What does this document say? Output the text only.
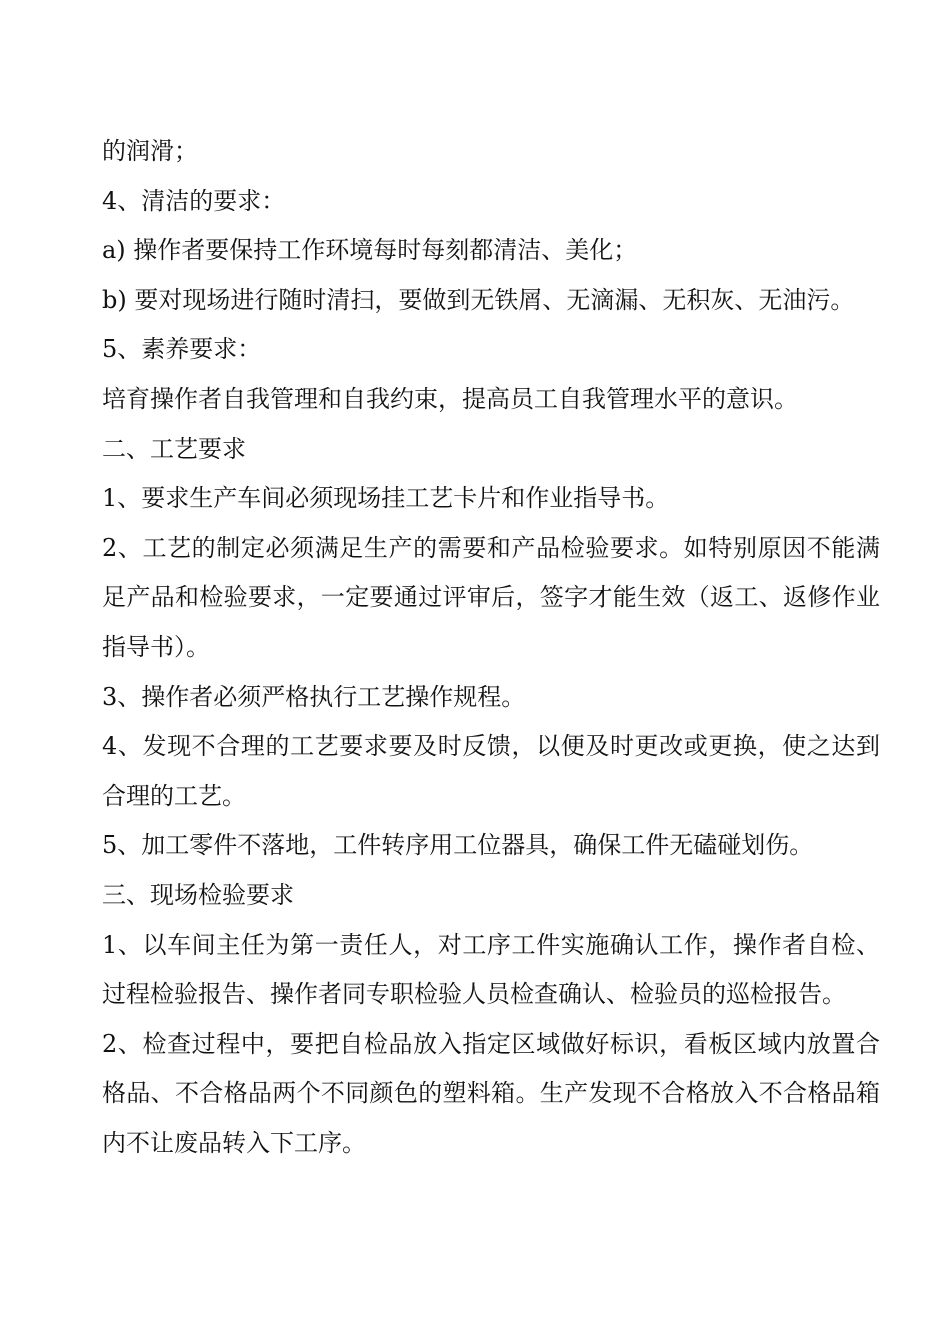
的润滑；

4、清洁的要求：

a) 操作者要保持工作环境每时每刻都清洁、美化；

b) 要对现场进行随时清扫，要做到无铁屑、无滴漏、无积灰、无油污。

5、素养要求：

培育操作者自我管理和自我约束，提高员工自我管理水平的意识。

二、工艺要求

1、要求生产车间必须现场挂工艺卡片和作业指导书。

2、工艺的制定必须满足生产的需要和产品检验要求。如特别原因不能满足产品和检验要求，一定要通过评审后，签字才能生效（返工、返修作业指导书）。

3、操作者必须严格执行工艺操作规程。

4、发现不合理的工艺要求要及时反馈，以便及时更改或更换，使之达到合理的工艺。

5、加工零件不落地，工件转序用工位器具，确保工件无磕碰划伤。

三、现场检验要求

1、以车间主任为第一责任人，对工序工件实施确认工作，操作者自检、过程检验报告、操作者同专职检验人员检查确认、检验员的巡检报告。

2、检查过程中，要把自检品放入指定区域做好标识，看板区域内放置合格品、不合格品两个不同颜色的塑料箱。生产发现不合格放入不合格品箱内不让废品转入下工序。
